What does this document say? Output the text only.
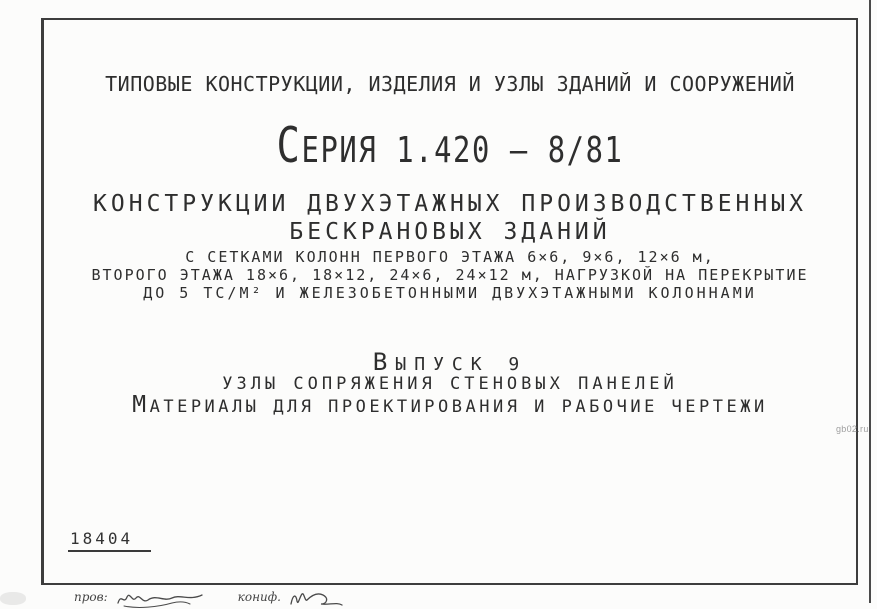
ТИПОВЫЕ КОНСТРУКЦИИ, ИЗДЕЛИЯ И УЗЛЫ ЗДАНИЙ И СООРУЖЕНИЙ
СЕРИЯ 1.420 – 8/81
КОНСТРУКЦИИ ДВУХЭТАЖНЫХ ПРОИЗВОДСТВЕННЫХ
БЕСКРАНОВЫХ ЗДАНИЙ
С СЕТКАМИ КОЛОНН ПЕРВОГО ЭТАЖА 6×6, 9×6, 12×6 м,
ВТОРОГО ЭТАЖА 18×6, 18×12, 24×6, 24×12 м, НАГРУЗКОЙ НА ПЕРЕКРЫТИЕ
ДО 5 ТС/М² И ЖЕЛЕЗОБЕТОННЫМИ ДВУХЭТАЖНЫМИ КОЛОННАМИ
ВЫПУСК 9
УЗЛЫ СОПРЯЖЕНИЯ СТЕНОВЫХ ПАНЕЛЕЙ
МАТЕРИАЛЫ ДЛЯ ПРОЕКТИРОВАНИЯ И РАБОЧИЕ ЧЕРТЕЖИ
18404
gb02.ru
пров:	кониф.
